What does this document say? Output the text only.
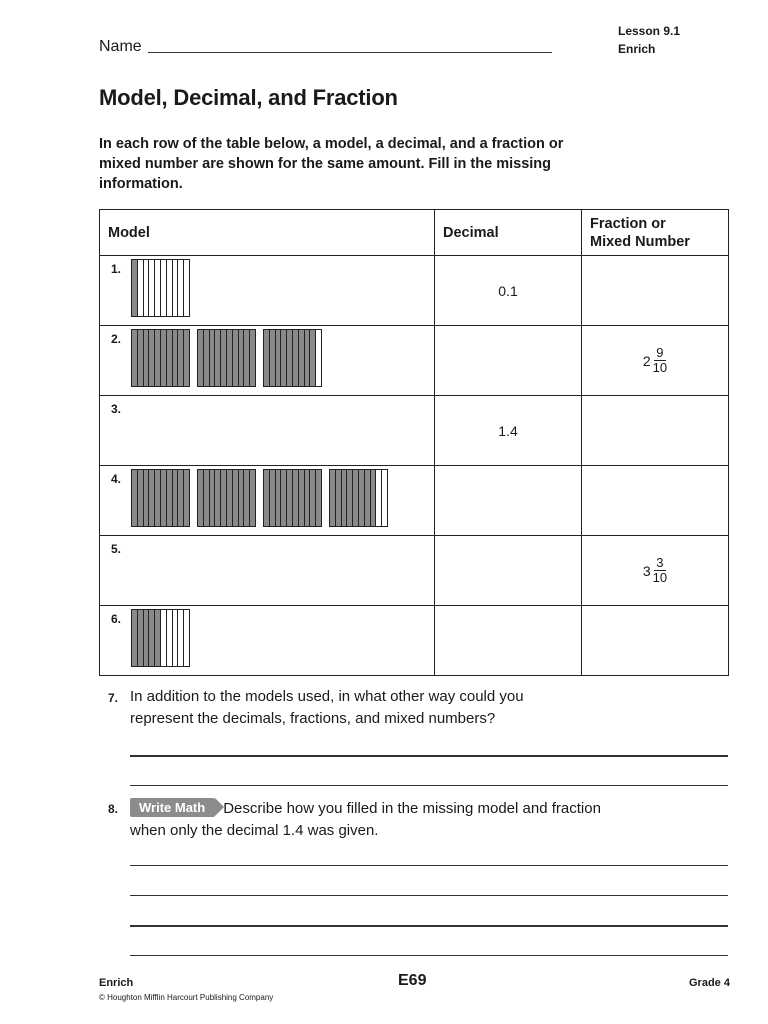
Lesson 9.1
Enrich
Name
Model, Decimal, and Fraction
In each row of the table below, a model, a decimal, and a fraction or mixed number are shown for the same amount. Fill in the missing information.
Model	Decimal	Fraction or
Mixed Number

1.	0.1	

2.		$2 \frac{9}{10}$

3.	1.4	

4.		

5.		$3 \frac{3}{10}$

6.		

7. In addition to the models used, in what other way could you represent the decimals, fractions, and mixed numbers?
8.	Write Math Describe how you filled in the missing model and fraction when only the decimal 1.4 was given.
Enrich
© Houghton Mifflin Harcourt Publishing Company
E69	Grade 4
